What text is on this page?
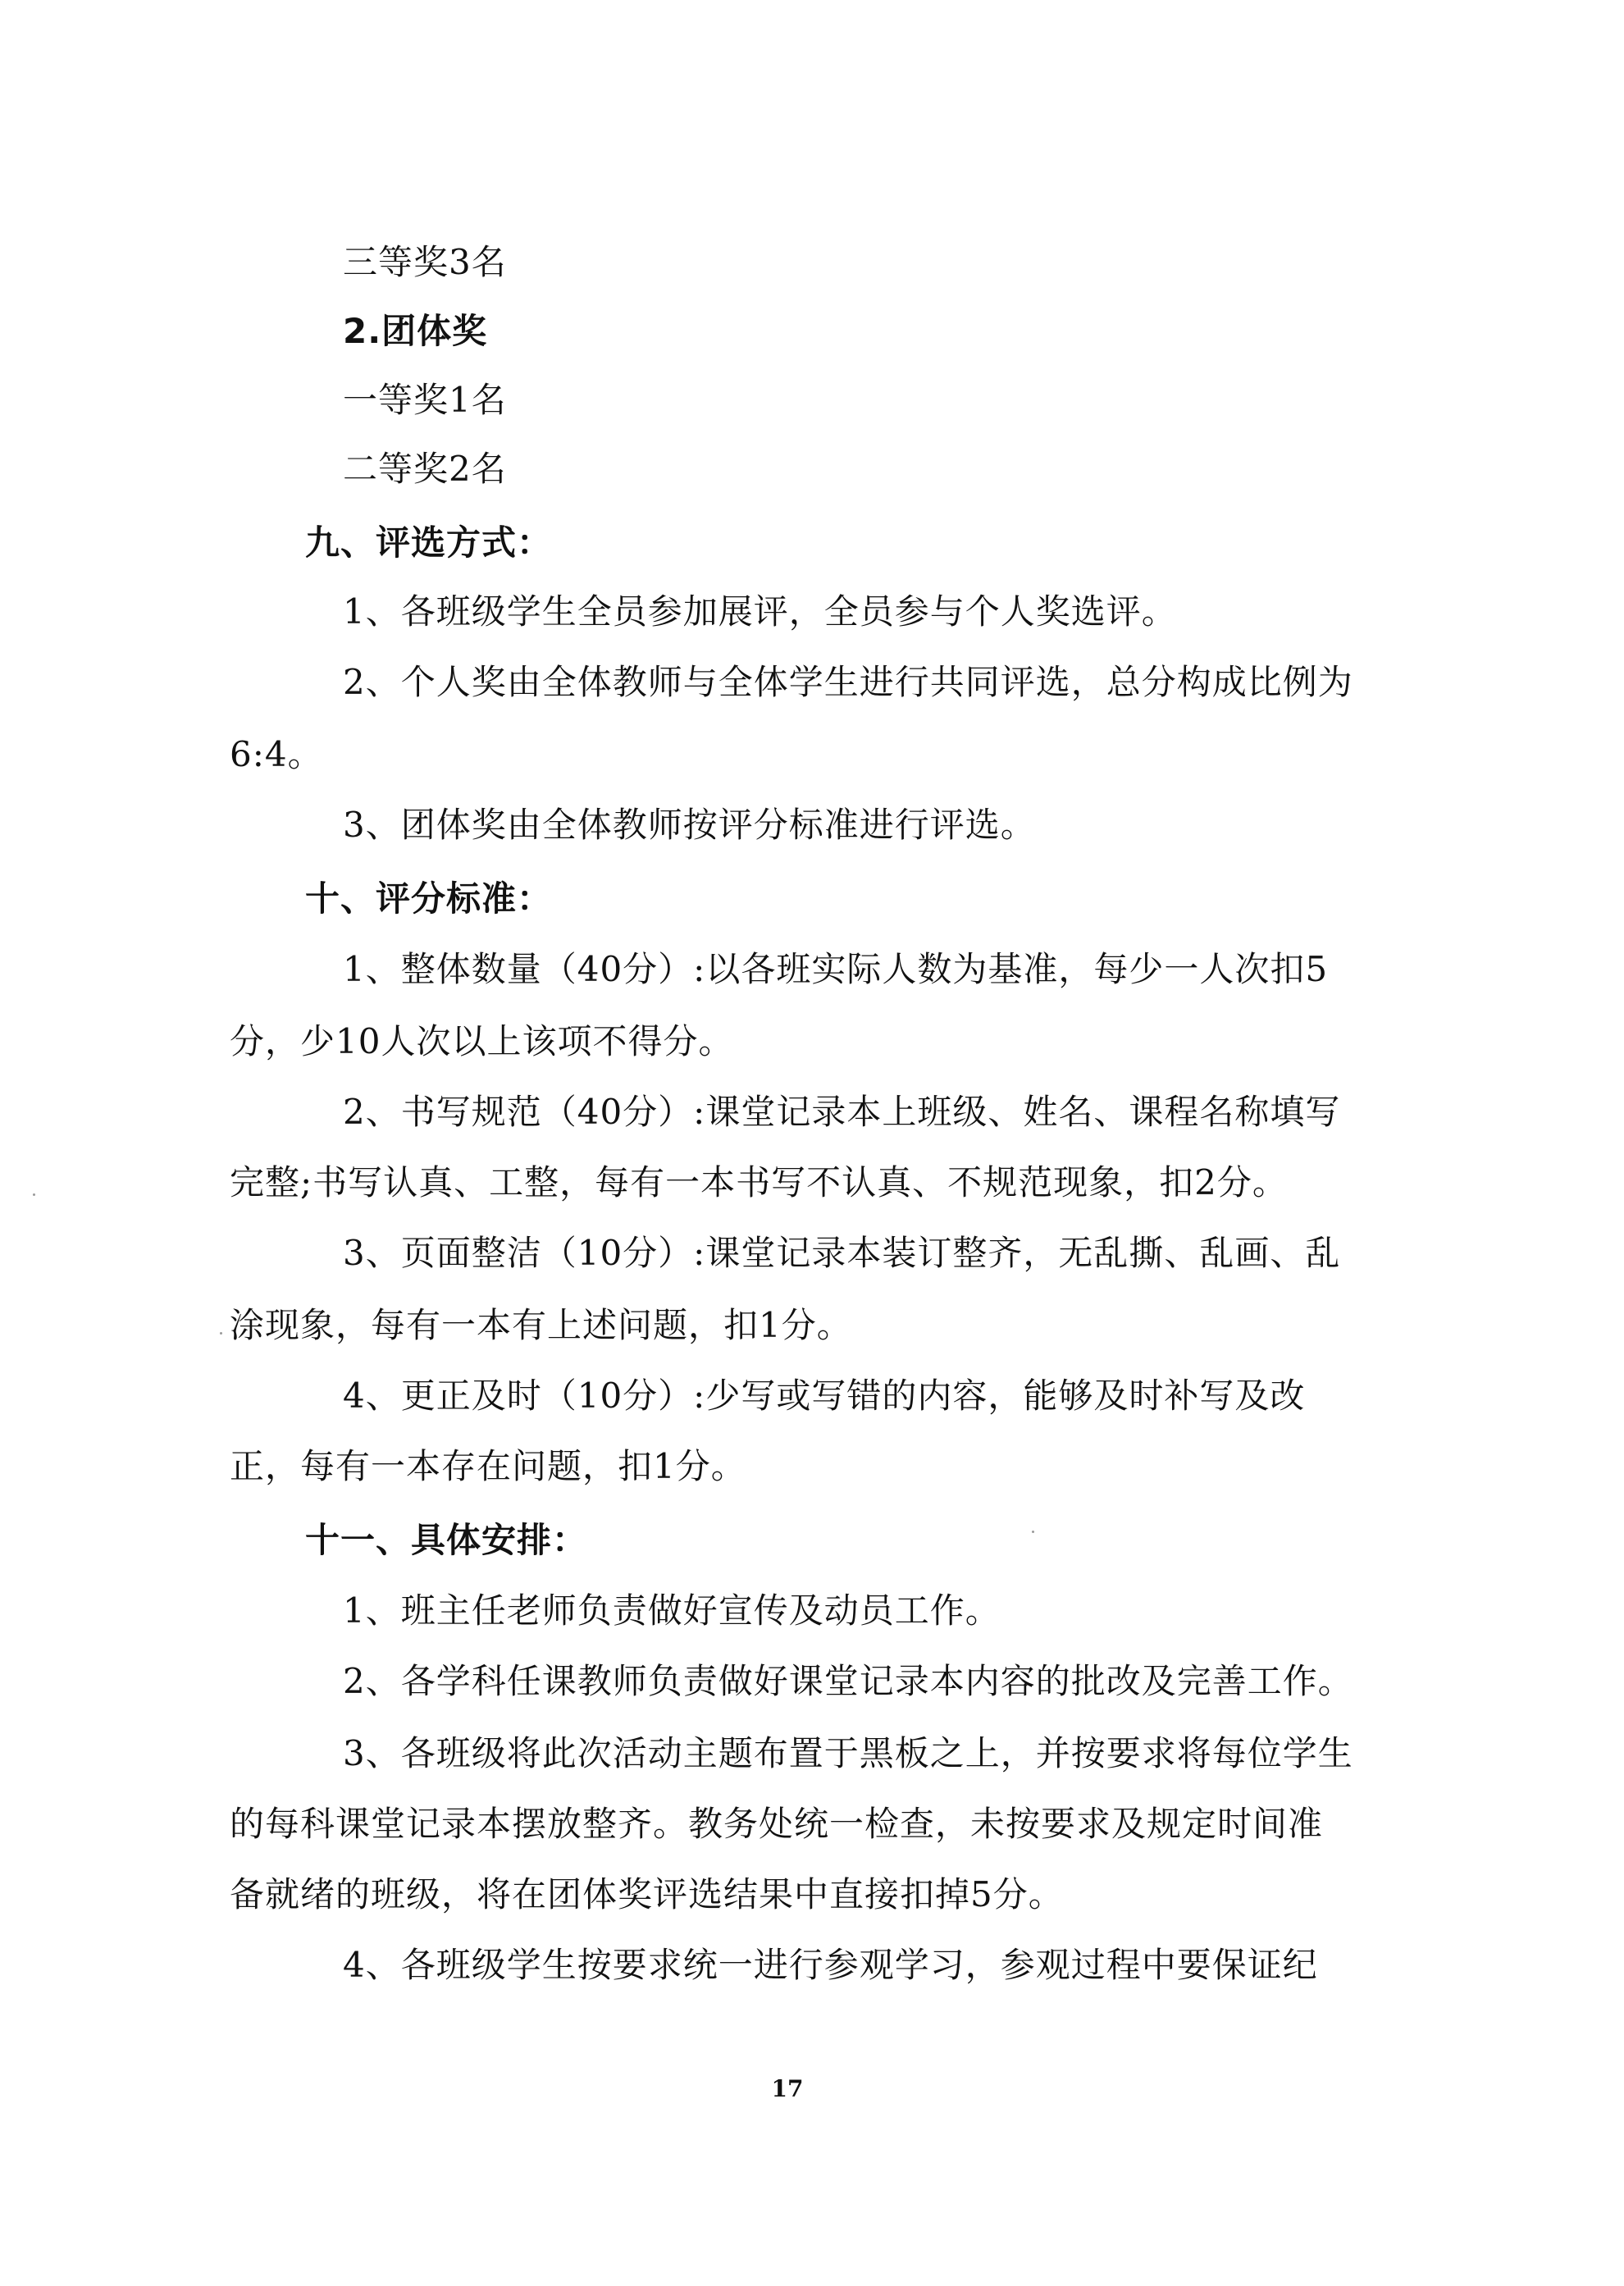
三等奖3名
2.团体奖
一等奖1名
二等奖2名
九、评选方式：
1、各班级学生全员参加展评，全员参与个人奖选评。
2、个人奖由全体教师与全体学生进行共同评选，总分构成比例为
6:4。
3、团体奖由全体教师按评分标准进行评选。
十、评分标准：
1、整体数量（40分）:以各班实际人数为基准，每少一人次扣5
分，少10人次以上该项不得分。
2、书写规范（40分）:课堂记录本上班级、姓名、课程名称填写
完整;书写认真、工整，每有一本书写不认真、不规范现象，扣2分。
3、页面整洁（10分）:课堂记录本装订整齐，无乱撕、乱画、乱
涂现象，每有一本有上述问题，扣1分。
4、更正及时（10分）:少写或写错的内容，能够及时补写及改
正，每有一本存在问题，扣1分。
十一、具体安排：
1、班主任老师负责做好宣传及动员工作。
2、各学科任课教师负责做好课堂记录本内容的批改及完善工作。
3、各班级将此次活动主题布置于黑板之上，并按要求将每位学生
的每科课堂记录本摆放整齐。教务处统一检查，未按要求及规定时间准
备就绪的班级，将在团体奖评选结果中直接扣掉5分。
4、各班级学生按要求统一进行参观学习，参观过程中要保证纪
17
